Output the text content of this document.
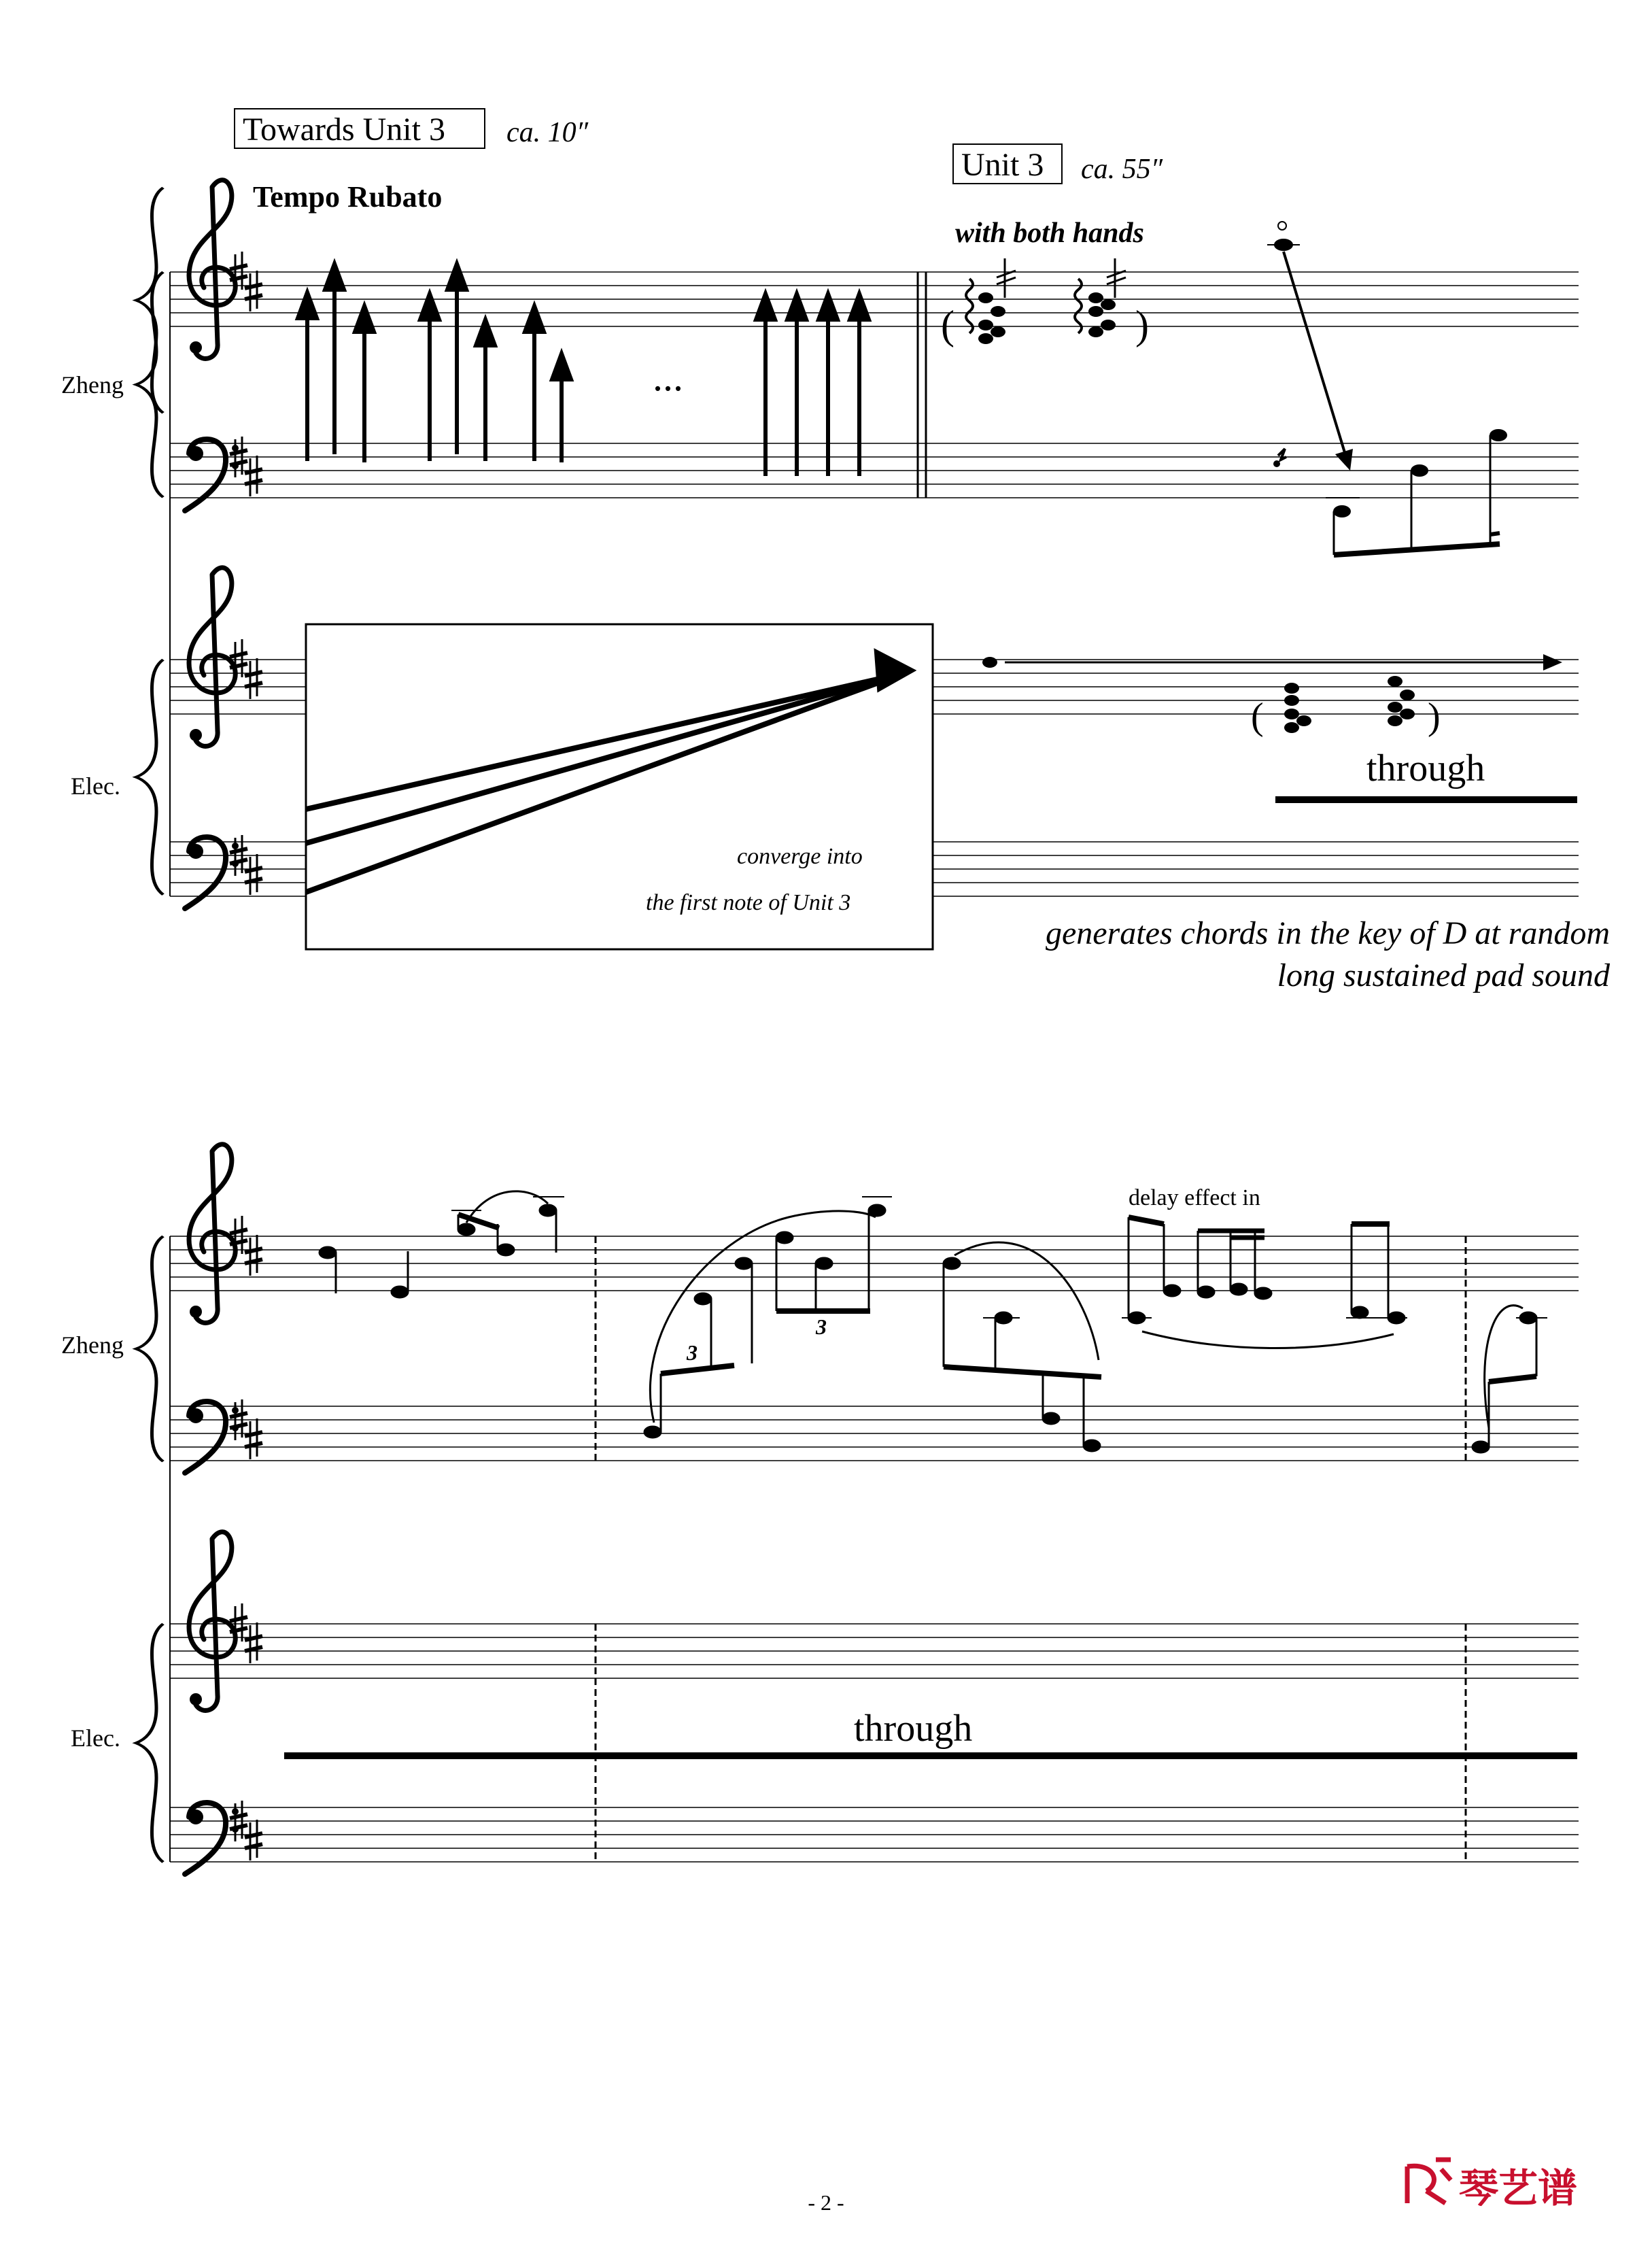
Towards Unit 3 ca. 10″
Tempo Rubato
Unit 3 ca. 55″
with both hands
Zheng
Elec.
...
(	)
converge into
the first note of Unit 3
(	)
through
generates chords in the key of D at random
long sustained pad sound
Zheng
Elec.
3
3
delay effect in
through
- 2 -	琴艺谱
